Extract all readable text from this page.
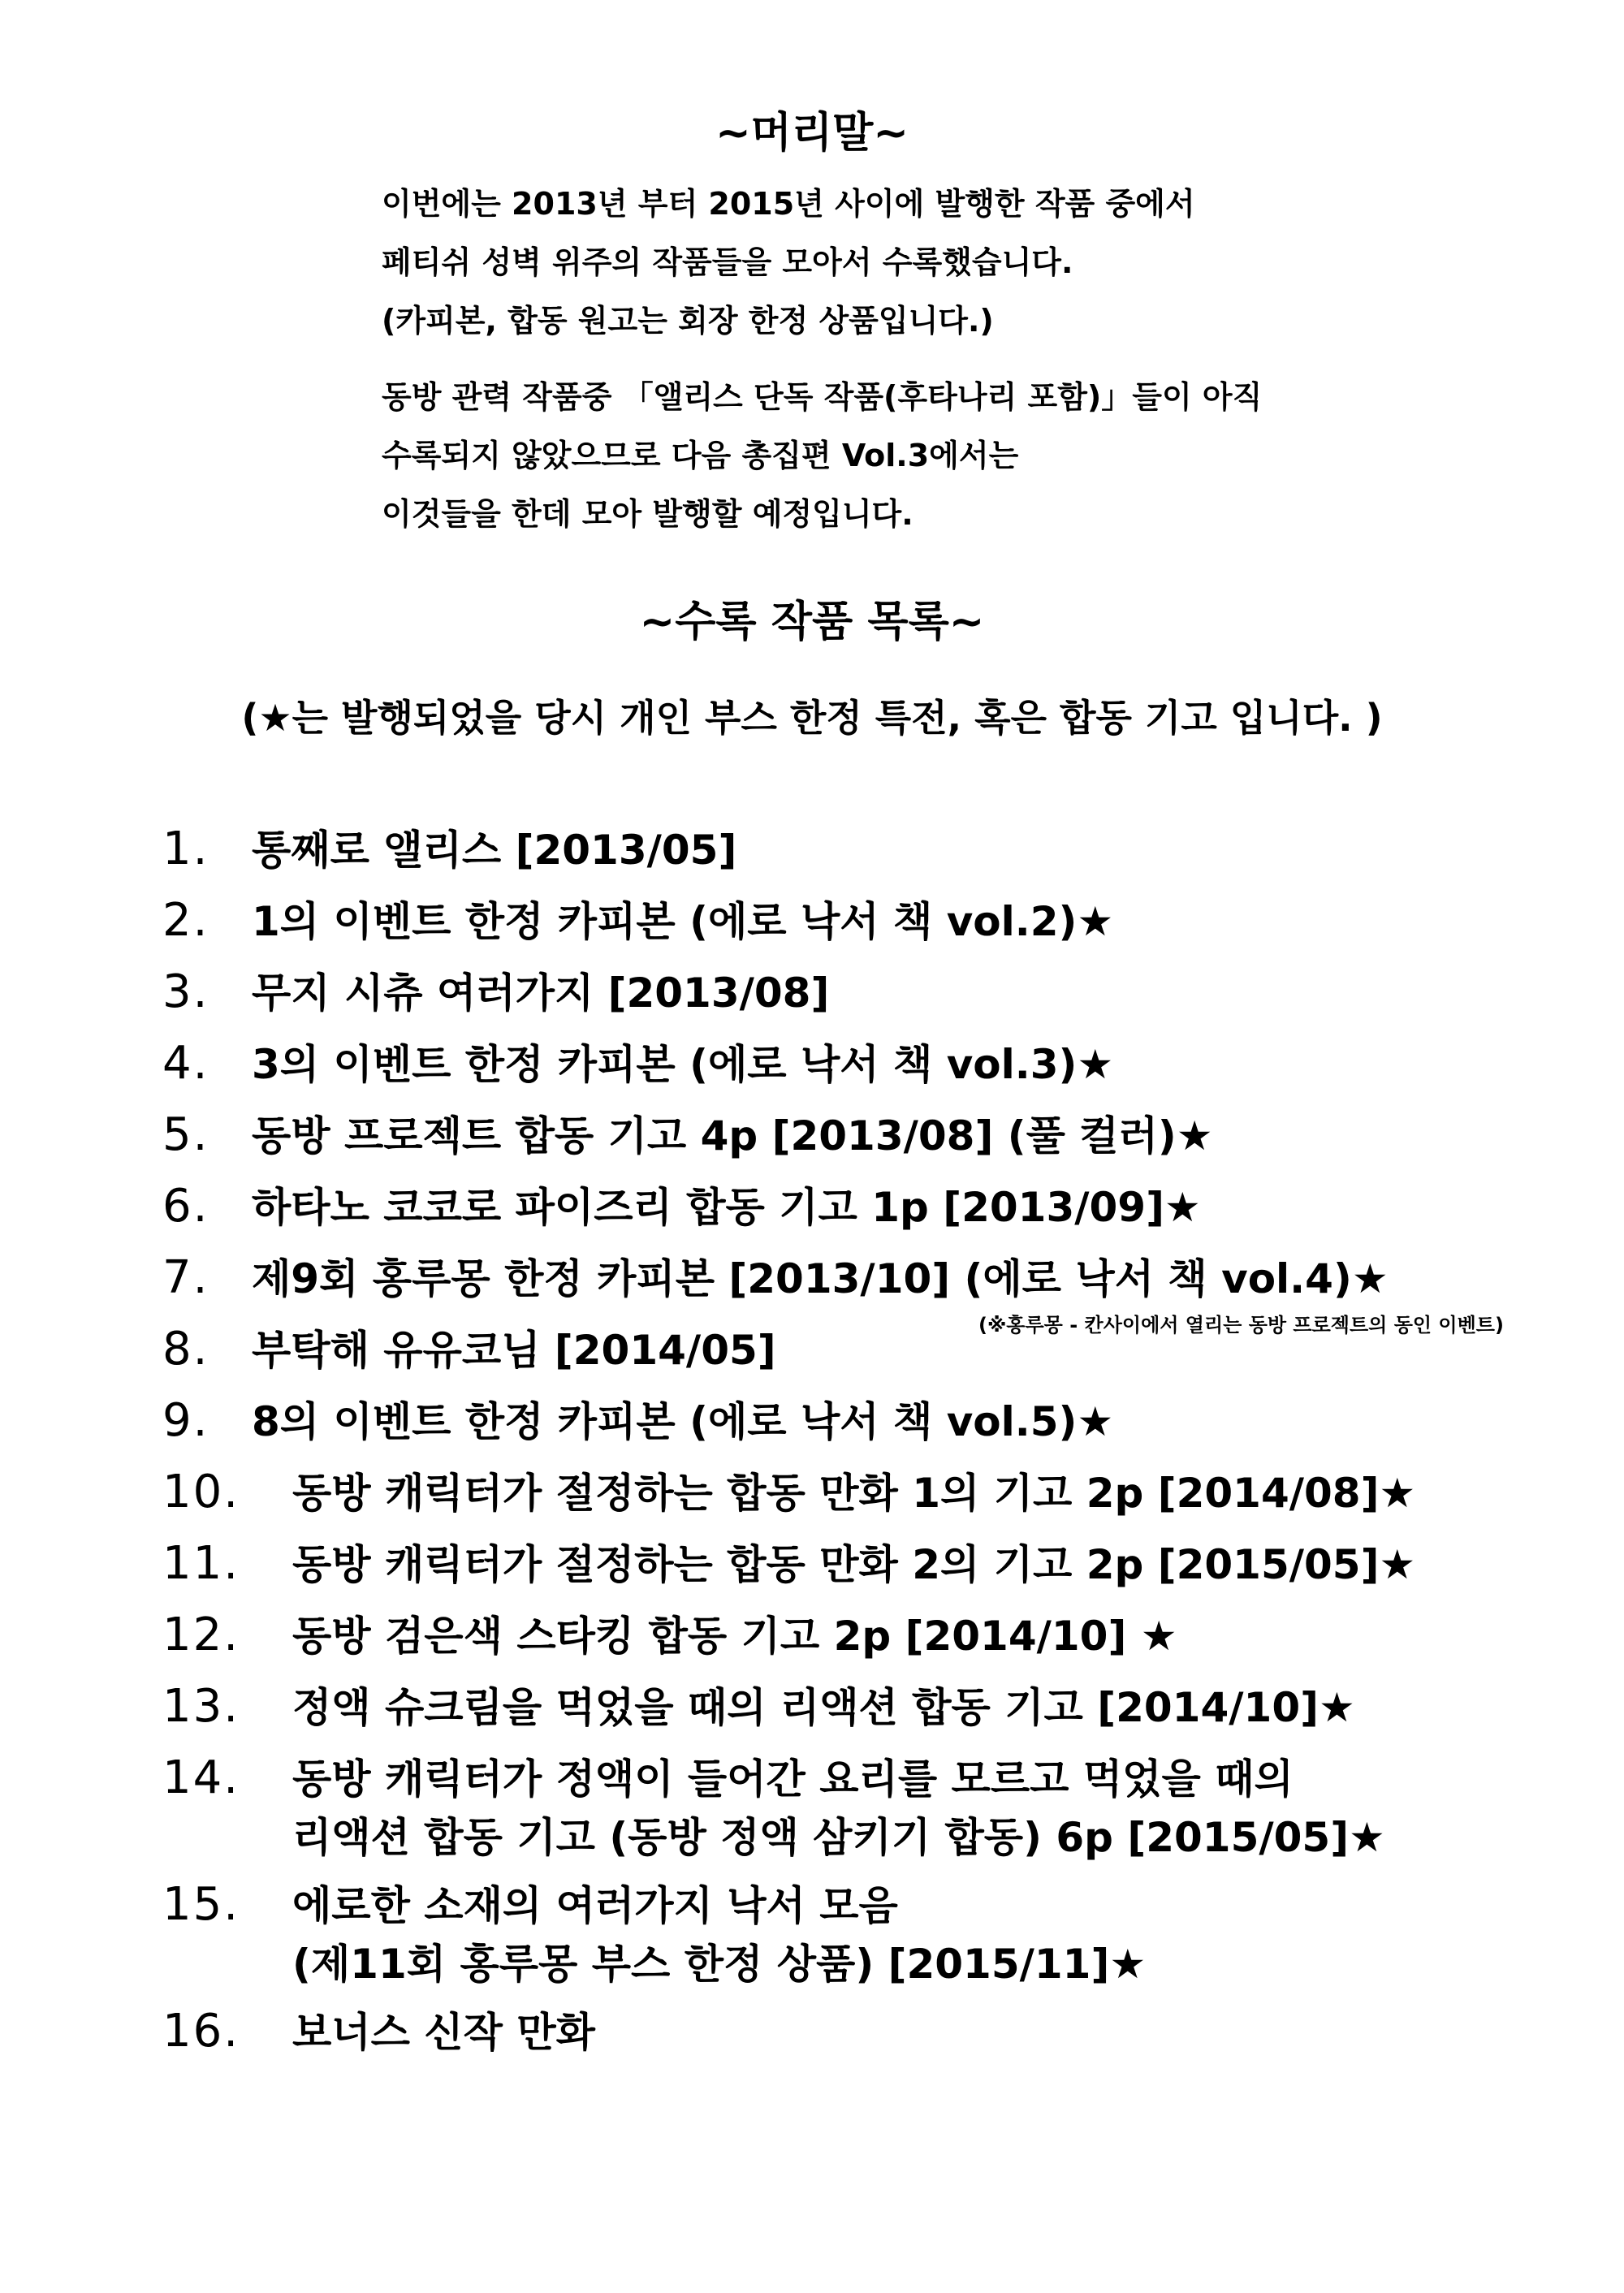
~머리말~
이번에는 2013년 부터 2015년 사이에 발행한 작품 중에서
페티쉬 성벽 위주의 작품들을 모아서 수록했습니다.
(카피본, 합동 원고는 회장 한정 상품입니다.)
동방 관력 작품중 「앨리스 단독 작품(후타나리 포함)」들이 아직
수록되지 않았으므로 다음 총집편 Vol.3에서는
이것들을 한데 모아 발행할 예정입니다.
~수록 작품 목록~
(★는 발행되었을 당시 개인 부스 한정 특전, 혹은 합동 기고 입니다. )
1. 통째로 앨리스 [2013/05]
2. 1의 이벤트 한정 카피본 (에로 낙서 책 vol.2)★
3. 무지 시츄 여러가지 [2013/08]
4. 3의 이벤트 한정 카피본 (에로 낙서 책 vol.3)★
5. 동방 프로젝트 합동 기고 4p [2013/08] (풀 컬러)★
6. 하타노 코코로 파이즈리 합동 기고 1p [2013/09]★
7. 제9회 홍루몽 한정 카피본 [2013/10] (에로 낙서 책 vol.4)★
(※홍루몽 - 칸사이에서 열리는 동방 프로젝트의 동인 이벤트)
8. 부탁해 유유코님 [2014/05]
9. 8의 이벤트 한정 카피본 (에로 낙서 책 vol.5)★
10. 동방 캐릭터가 절정하는 합동 만화 1의 기고 2p [2014/08]★
11. 동방 캐릭터가 절정하는 합동 만화 2의 기고 2p [2015/05]★
12. 동방 검은색 스타킹 합동 기고 2p [2014/10] ★
13. 정액 슈크림을 먹었을 때의 리액션 합동 기고 [2014/10]★
14. 동방 캐릭터가 정액이 들어간 요리를 모르고 먹었을 때의
리액션 합동 기고 (동방 정액 삼키기 합동) 6p [2015/05]★
15. 에로한 소재의 여러가지 낙서 모음
(제11회 홍루몽 부스 한정 상품) [2015/11]★
16. 보너스 신작 만화
